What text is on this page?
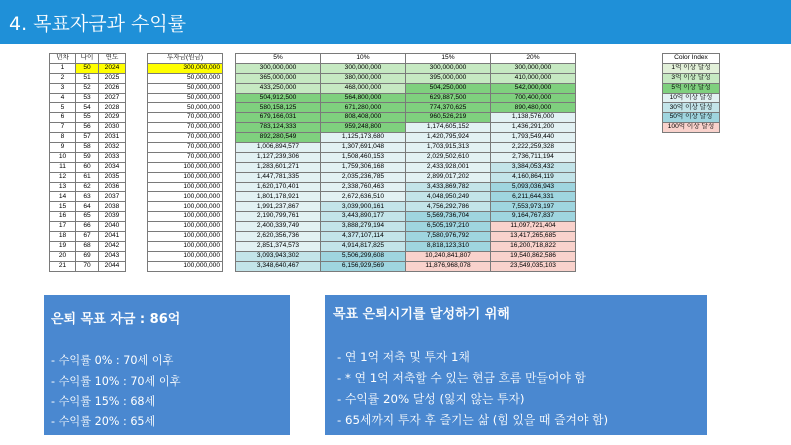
4. 목표자금과 수익률
년차	나이	연도		투자금(원금)		5%	10%	15%	20%
1	50	2024		300,000,000		300,000,000	300,000,000	300,000,000	300,000,000
2	51	2025		50,000,000		365,000,000	380,000,000	395,000,000	410,000,000
3	52	2026		50,000,000		433,250,000	468,000,000	504,250,000	542,000,000
4	53	2027		50,000,000		504,912,500	564,800,000	629,887,500	700,400,000
5	54	2028		50,000,000		580,158,125	671,280,000	774,370,625	890,480,000
6	55	2029		70,000,000		679,166,031	808,408,000	960,526,219	1,138,576,000
7	56	2030		70,000,000		783,124,333	959,248,800	1,174,605,152	1,436,291,200
8	57	2031		70,000,000		892,280,549	1,125,173,680	1,420,795,924	1,793,549,440
9	58	2032		70,000,000		1,006,894,577	1,307,691,048	1,703,915,313	2,222,259,328
10	59	2033		70,000,000		1,127,239,306	1,508,460,153	2,029,502,610	2,736,711,194
11	60	2034		100,000,000		1,283,601,271	1,759,306,168	2,433,928,001	3,384,053,432
12	61	2035		100,000,000		1,447,781,335	2,035,236,785	2,899,017,202	4,160,864,119
13	62	2036		100,000,000		1,620,170,401	2,338,760,463	3,433,869,782	5,093,036,943
14	63	2037		100,000,000		1,801,178,921	2,672,636,510	4,048,950,249	6,211,644,331
15	64	2038		100,000,000		1,991,237,867	3,039,900,161	4,756,292,786	7,553,973,197
16	65	2039		100,000,000		2,190,799,761	3,443,890,177	5,569,736,704	9,164,767,837
17	66	2040		100,000,000		2,400,339,749	3,888,279,194	6,505,197,210	11,097,721,404
18	67	2041		100,000,000		2,620,356,736	4,377,107,114	7,580,976,792	13,417,265,685
19	68	2042		100,000,000		2,851,374,573	4,914,817,825	8,818,123,310	16,200,718,822
20	69	2043		100,000,000		3,093,943,302	5,506,299,608	10,240,841,807	19,540,862,586
21	70	2044		100,000,000		3,348,640,467	6,156,929,569	11,876,968,078	23,549,035,103
Color Index
1억 이상 달성
3억 이상 달성
5억 이상 달성
10억 이상 달성
30억 이상 달성
50억 이상 달성
100억 이상 달성
은퇴 목표 자금 : 86억
- 수익률 0% : 70세 이후
- 수익률 10% : 70세 이후
- 수익률 15% : 68세
- 수익률 20% : 65세
목표 은퇴시기를 달성하기 위해
- 연 1억 저축 및 투자 1채
- * 연 1억 저축할 수 있는 현금 흐름 만들어야 함
- 수익률 20% 달성 (잃지 않는 투자)
- 65세까지 투자 후 즐기는 삶 (힘 있을 때 즐겨야 함)
